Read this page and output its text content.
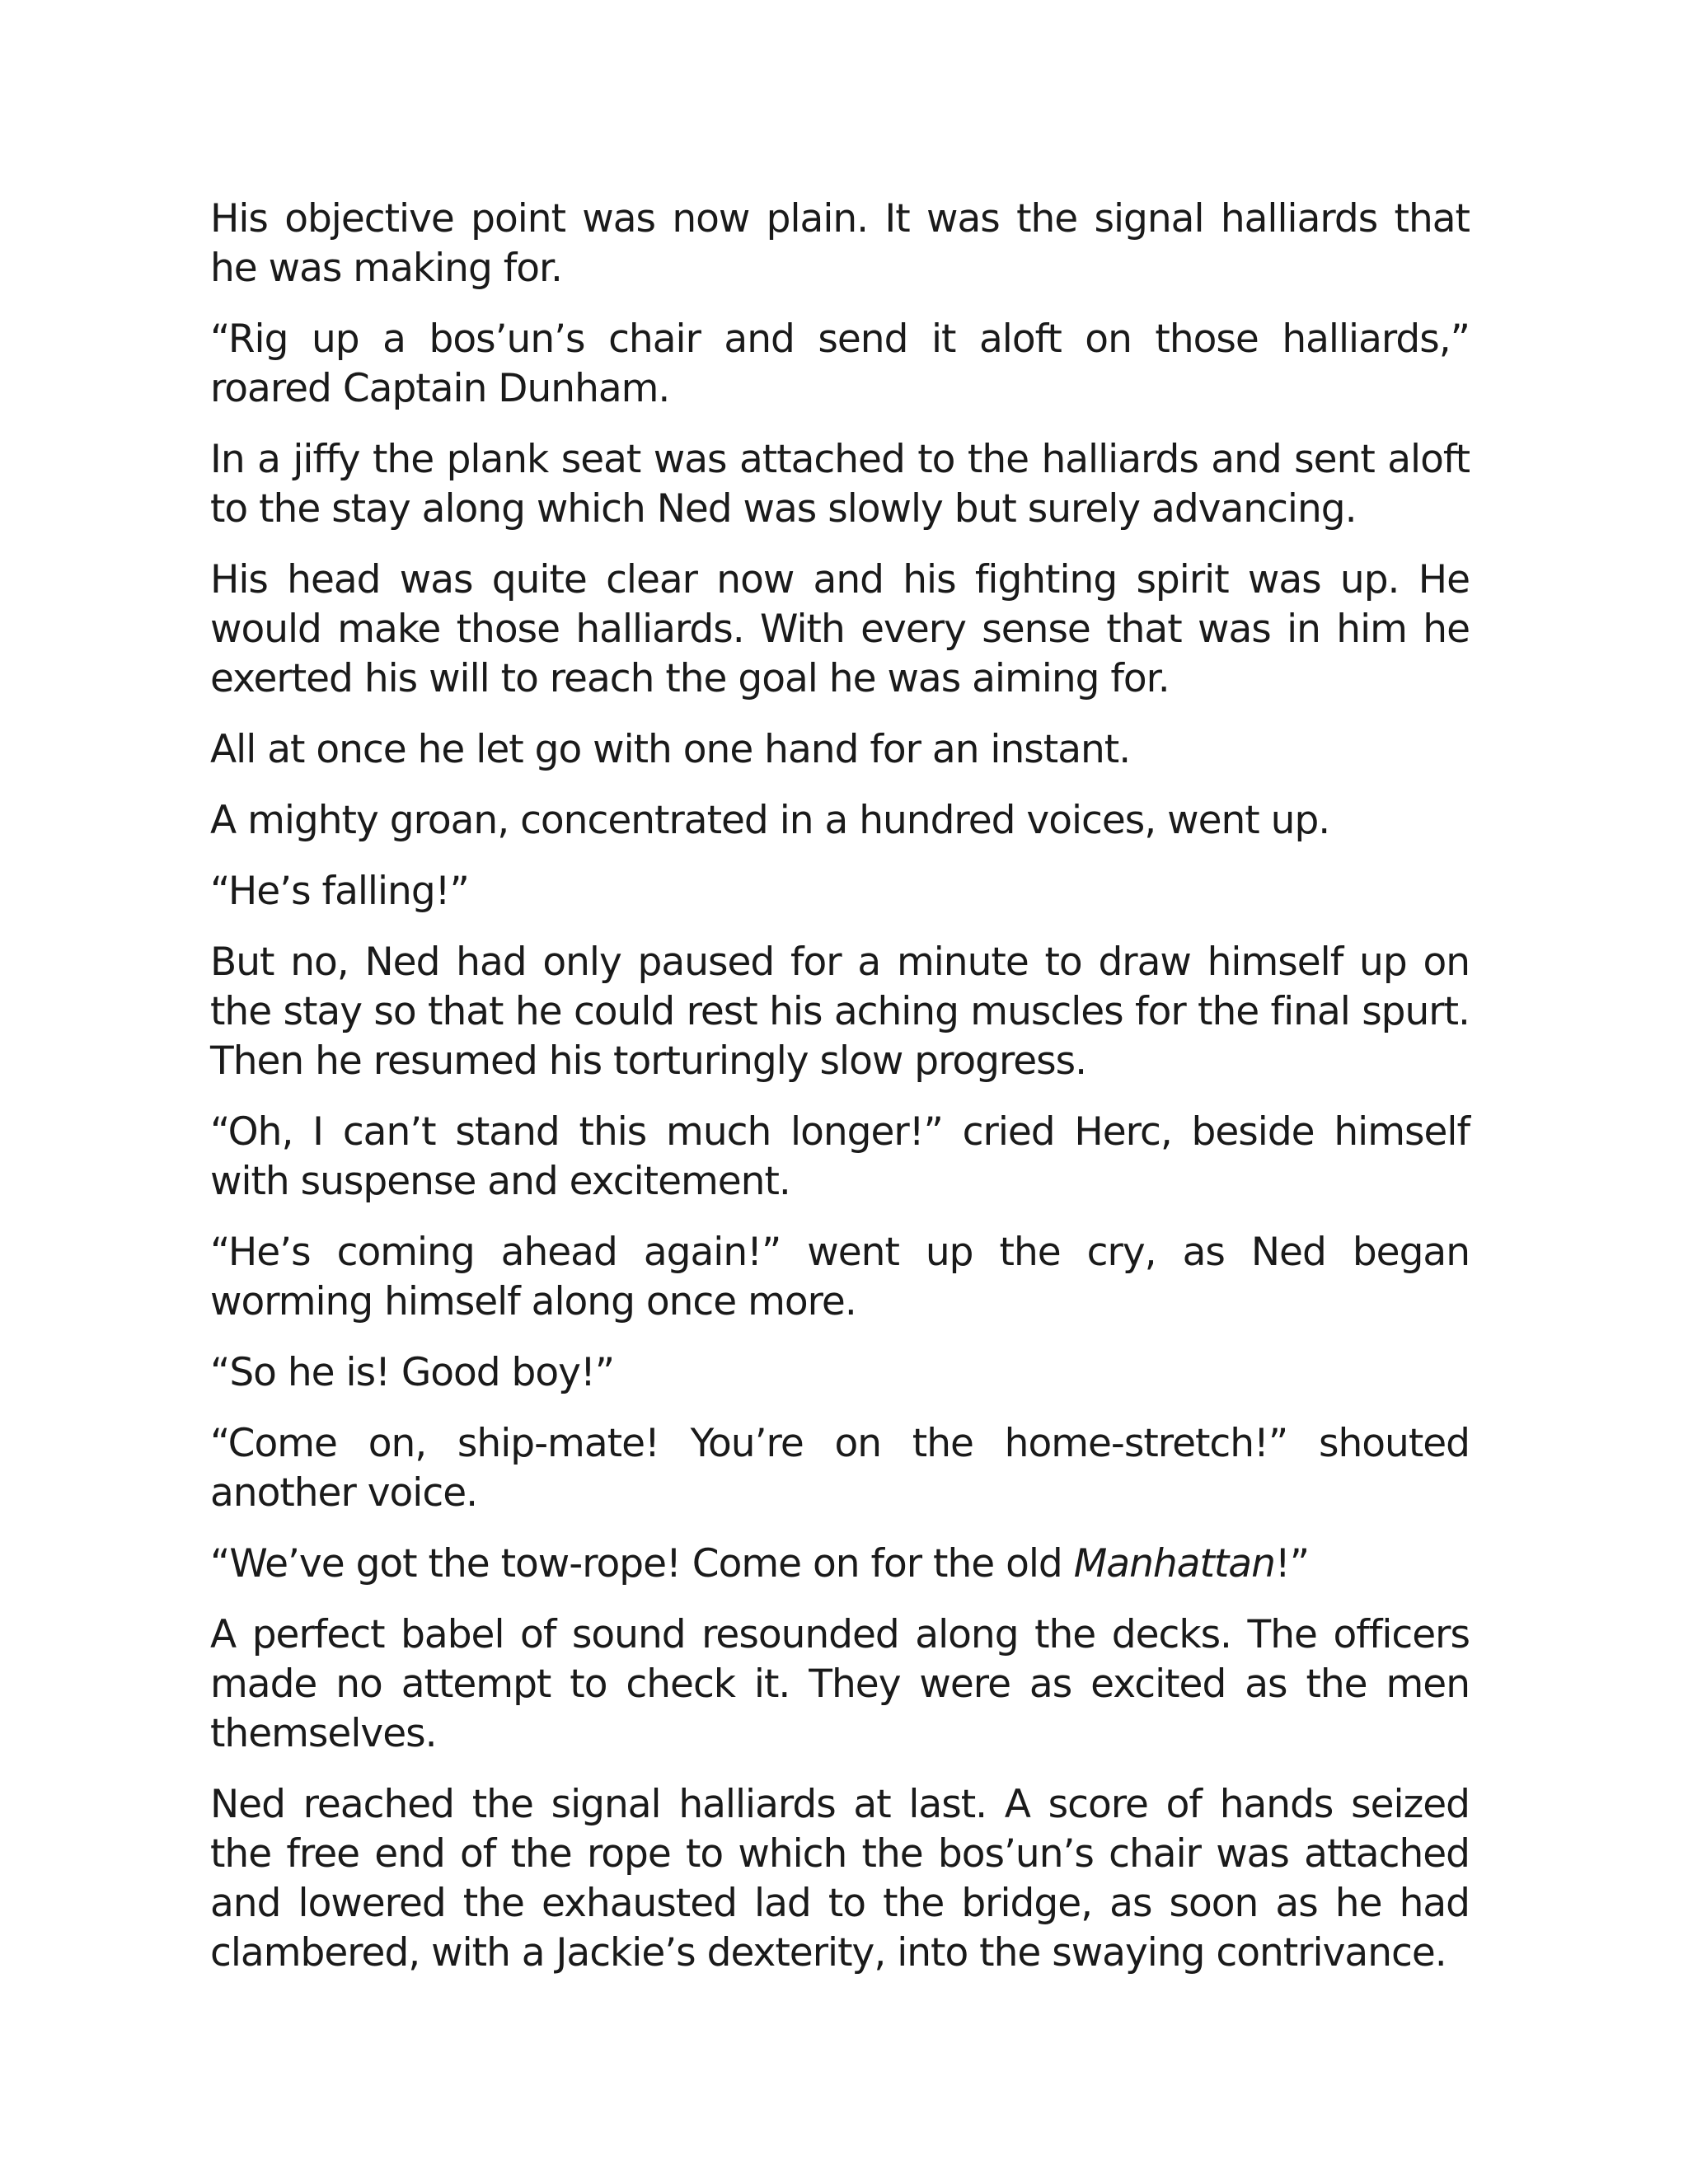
His objective point was now plain. It was the signal halliards that he was making for.

“Rig up a bos’un’s chair and send it aloft on those halliards,” roared Captain Dunham.

In a jiffy the plank seat was attached to the halliards and sent aloft to the stay along which Ned was slowly but surely advancing.

His head was quite clear now and his fighting spirit was up. He would make those halliards. With every sense that was in him he exerted his will to reach the goal he was aiming for.

All at once he let go with one hand for an instant.

A mighty groan, concentrated in a hundred voices, went up.

“He’s falling!”

But no, Ned had only paused for a minute to draw himself up on the stay so that he could rest his aching muscles for the final spurt. Then he resumed his torturingly slow progress.

“Oh, I can’t stand this much longer!” cried Herc, beside himself with suspense and excitement.

“He’s coming ahead again!” went up the cry, as Ned began worming himself along once more.

“So he is! Good boy!”

“Come on, ship-mate! You’re on the home-stretch!” shouted another voice.

“We’ve got the tow-rope! Come on for the old Manhattan!”

A perfect babel of sound resounded along the decks. The officers made no attempt to check it. They were as excited as the men themselves.

Ned reached the signal halliards at last. A score of hands seized the free end of the rope to which the bos’un’s chair was attached and lowered the exhausted lad to the bridge, as soon as he had clambered, with a Jackie’s dexterity, into the swaying contrivance.
